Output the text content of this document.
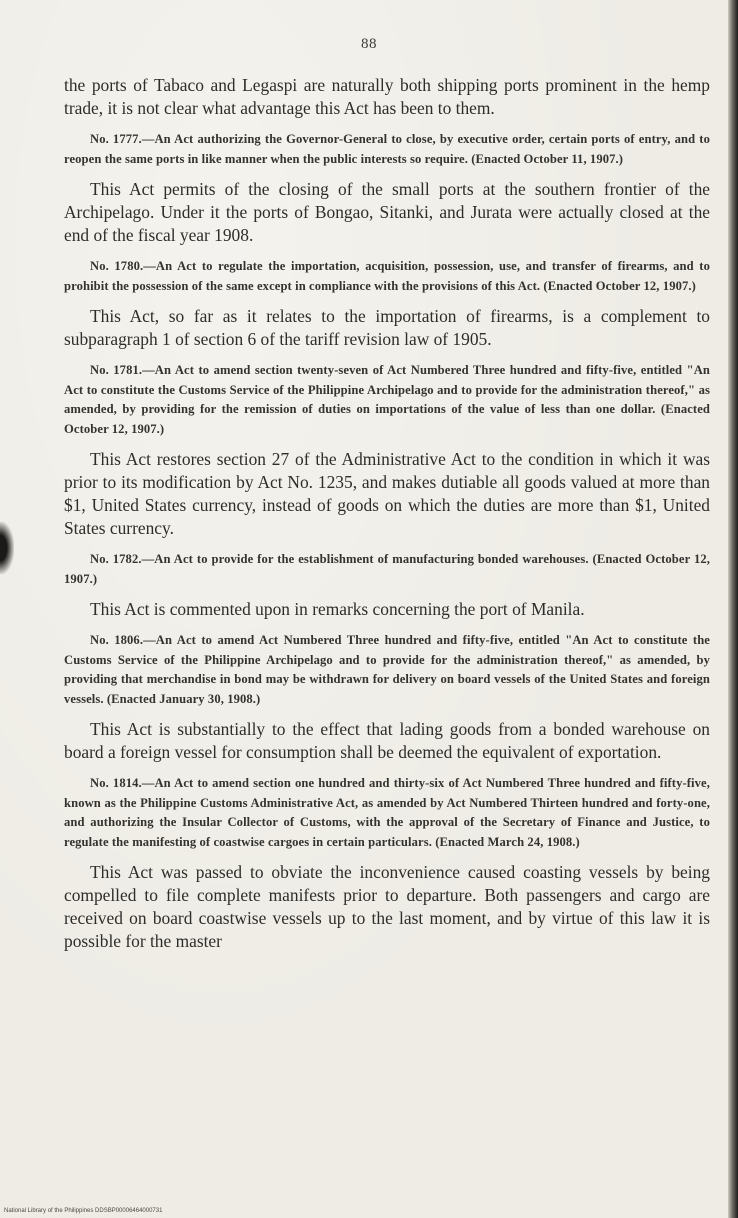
88

the ports of Tabaco and Legaspi are naturally both shipping ports prominent in the hemp trade, it is not clear what advantage this Act has been to them.

No. 1777.—An Act authorizing the Governor-General to close, by executive order, certain ports of entry, and to reopen the same ports in like manner when the public interests so require. (Enacted October 11, 1907.)

This Act permits of the closing of the small ports at the southern frontier of the Archipelago. Under it the ports of Bongao, Sitanki, and Jurata were actually closed at the end of the fiscal year 1908.

No. 1780.—An Act to regulate the importation, acquisition, possession, use, and transfer of firearms, and to prohibit the possession of the same except in compliance with the provisions of this Act. (Enacted October 12, 1907.)

This Act, so far as it relates to the importation of firearms, is a complement to subparagraph 1 of section 6 of the tariff revision law of 1905.

No. 1781.—An Act to amend section twenty-seven of Act Numbered Three hundred and fifty-five, entitled "An Act to constitute the Customs Service of the Philippine Archipelago and to provide for the administration thereof," as amended, by providing for the remission of duties on importations of the value of less than one dollar. (Enacted October 12, 1907.)

This Act restores section 27 of the Administrative Act to the condition in which it was prior to its modification by Act No. 1235, and makes dutiable all goods valued at more than $1, United States currency, instead of goods on which the duties are more than $1, United States currency.

No. 1782.—An Act to provide for the establishment of manufacturing bonded warehouses. (Enacted October 12, 1907.)

This Act is commented upon in remarks concerning the port of Manila.

No. 1806.—An Act to amend Act Numbered Three hundred and fifty-five, entitled "An Act to constitute the Customs Service of the Philippine Archipelago and to provide for the administration thereof," as amended, by providing that merchandise in bond may be withdrawn for delivery on board vessels of the United States and foreign vessels. (Enacted January 30, 1908.)

This Act is substantially to the effect that lading goods from a bonded warehouse on board a foreign vessel for consumption shall be deemed the equivalent of exportation.

No. 1814.—An Act to amend section one hundred and thirty-six of Act Numbered Three hundred and fifty-five, known as the Philippine Customs Administrative Act, as amended by Act Numbered Thirteen hundred and forty-one, and authorizing the Insular Collector of Customs, with the approval of the Secretary of Finance and Justice, to regulate the manifesting of coastwise cargoes in certain particulars. (Enacted March 24, 1908.)

This Act was passed to obviate the inconvenience caused coasting vessels by being compelled to file complete manifests prior to departure. Both passengers and cargo are received on board coastwise vessels up to the last moment, and by virtue of this law it is possible for the master

National Library of the Philippines DDSBP00006464000731
